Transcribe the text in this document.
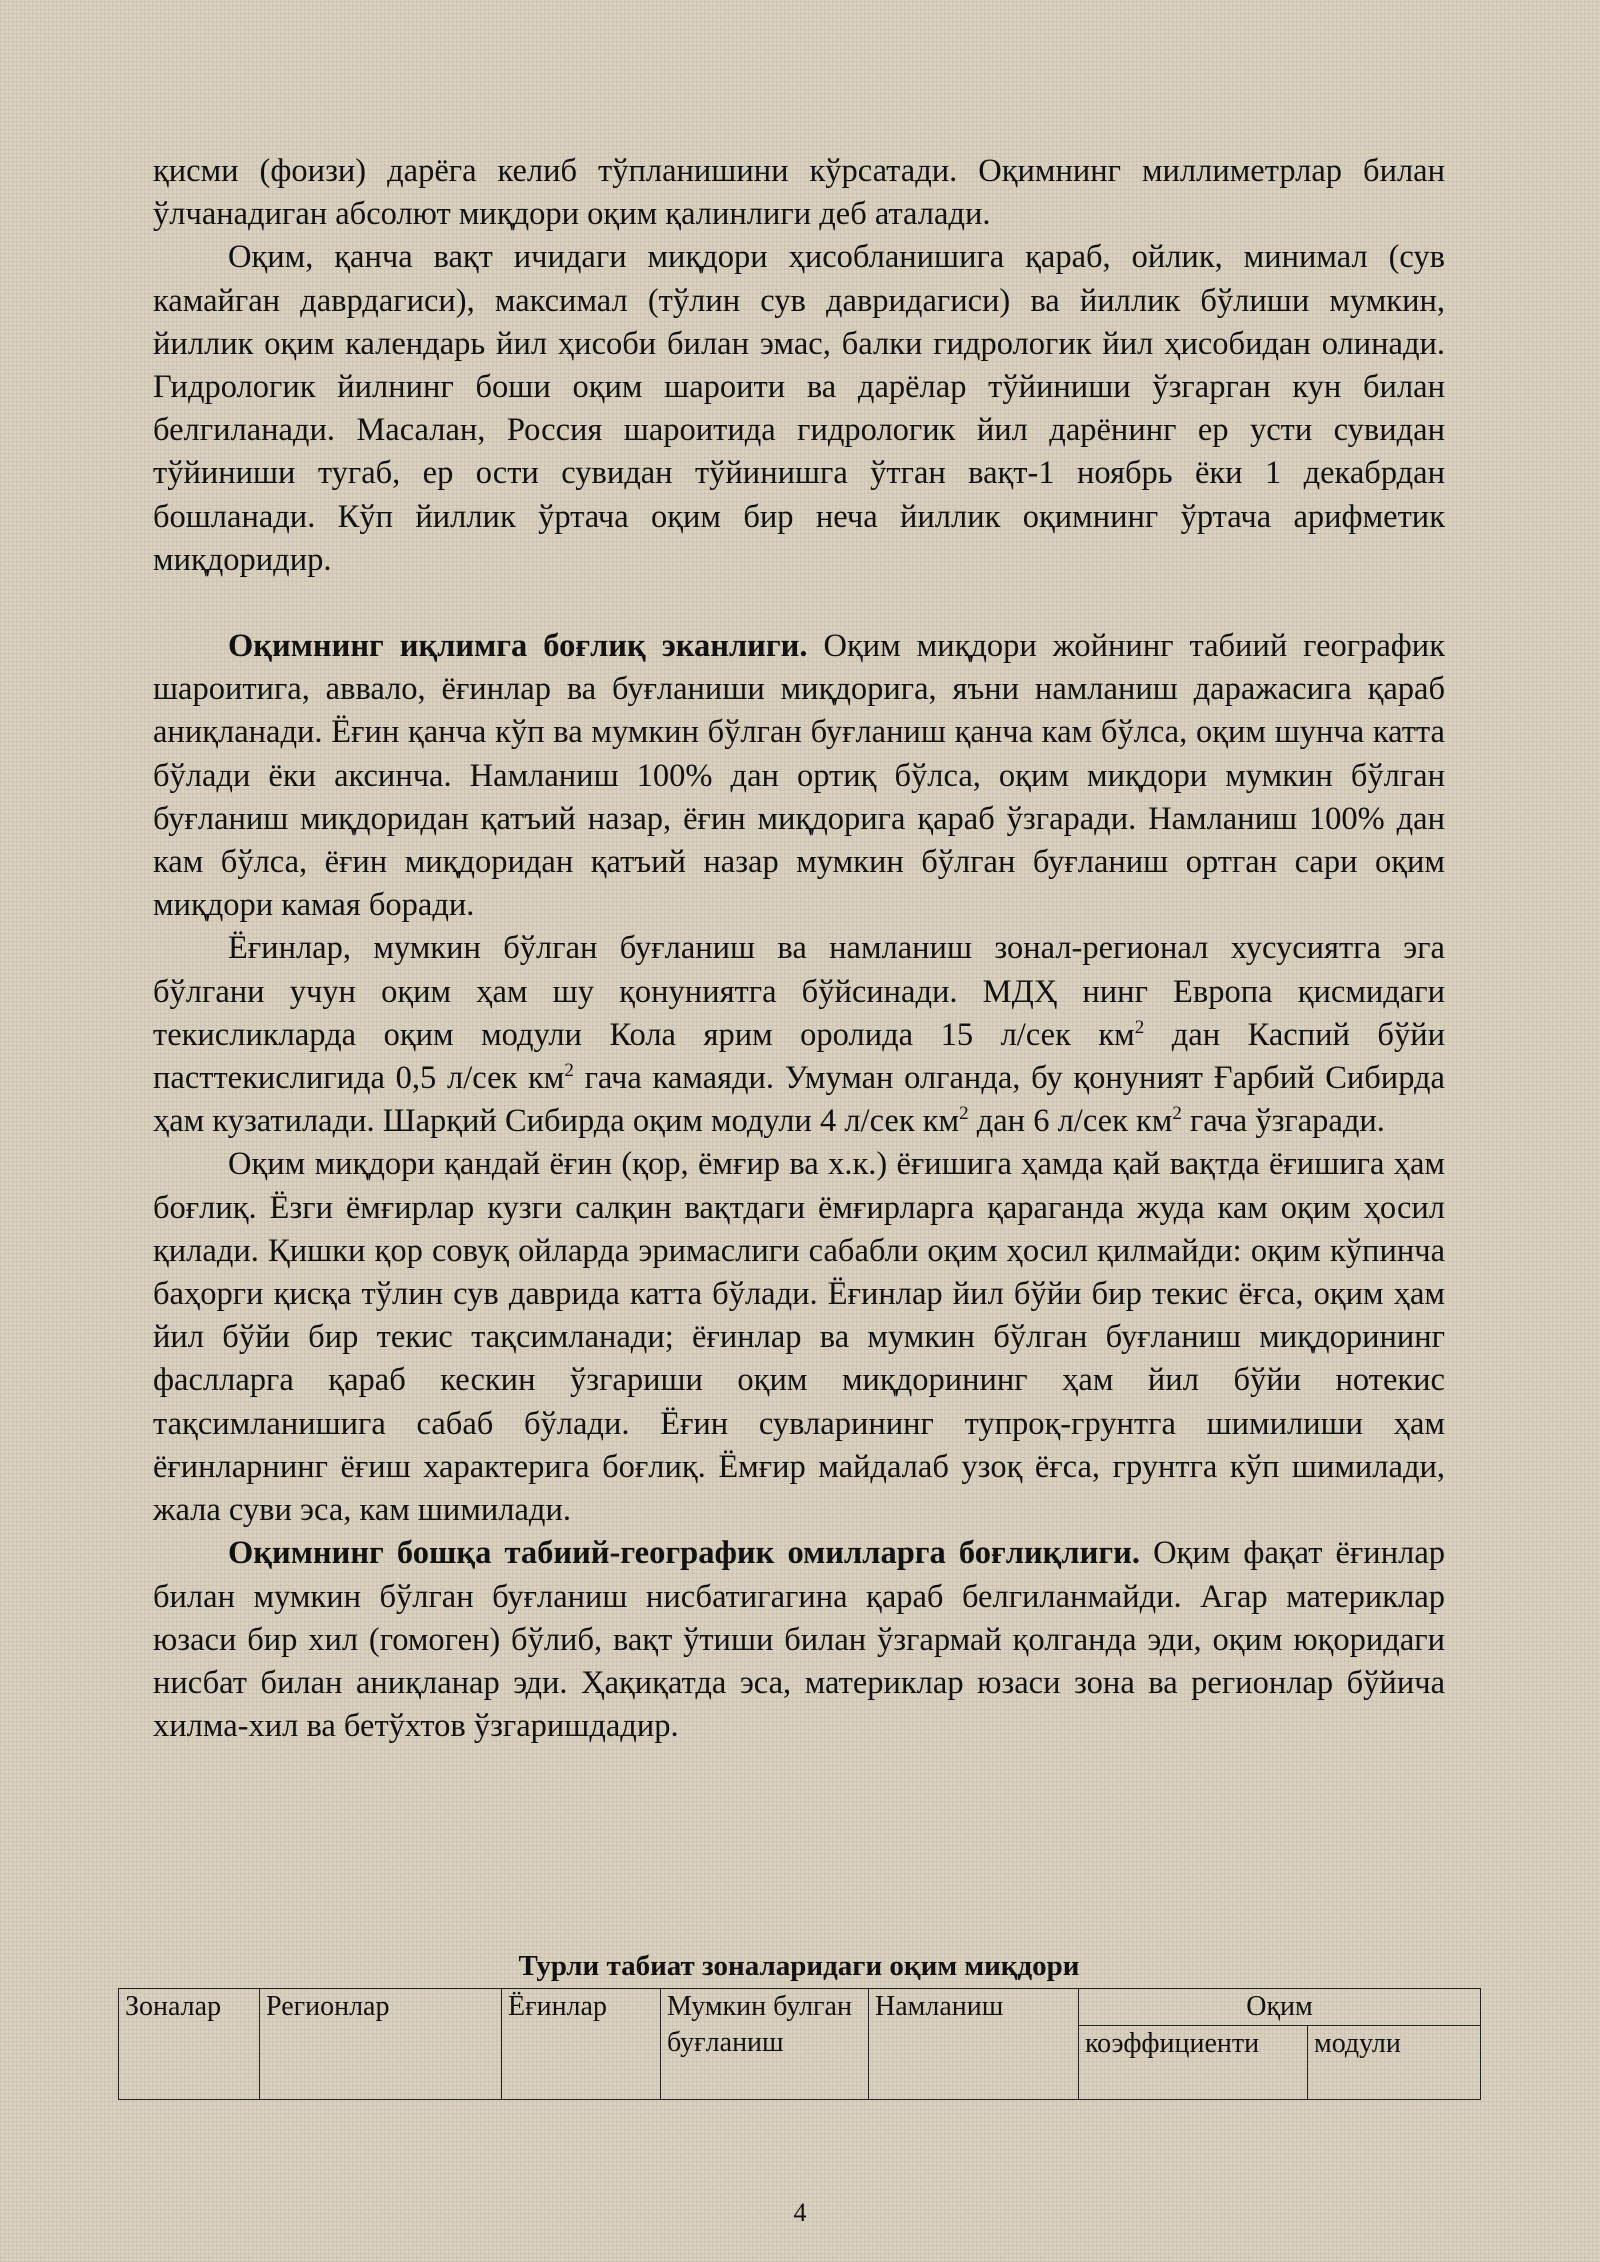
қисми (фоизи) дарёга келиб тўпланишини кўрсатади. Оқимнинг миллиметрлар билан ўлчанадиган абсолют миқдори оқим қалинлиги деб аталади.

Оқим, қанча вақт ичидаги миқдори ҳисобланишига қараб, ойлик, минимал (сув камайган даврдагиси), максимал (тўлин сув давридагиси) ва йиллик бўлиши мумкин, йиллик оқим календарь йил ҳисоби билан эмас, балки гидрологик йил ҳисобидан олинади. Гидрологик йилнинг боши оқим шароити ва дарёлар тўйиниши ўзгарган кун билан белгиланади. Масалан, Россия шароитида гидрологик йил дарёнинг ер усти сувидан тўйиниши тугаб, ер ости сувидан тўйинишга ўтган вақт-1 ноябрь ёки 1 декабрдан бошланади. Кўп йиллик ўртача оқим бир неча йиллик оқимнинг ўртача арифметик миқдоридир.

Оқимнинг иқлимга боғлиқ эканлиги. Оқим миқдори жойнинг табиий географик шароитига, аввало, ёғинлар ва буғланиши миқдорига, яъни намланиш даражасига қараб аниқланади. Ёғин қанча кўп ва мумкин бўлган буғланиш қанча кам бўлса, оқим шунча катта бўлади ёки аксинча. Намланиш 100% дан ортиқ бўлса, оқим миқдори мумкин бўлган буғланиш миқдоридан қатъий назар, ёғин миқдорига қараб ўзгаради. Намланиш 100% дан кам бўлса, ёғин миқдоридан қатъий назар мумкин бўлган буғланиш ортган сари оқим миқдори камая боради.

Ёғинлар, мумкин бўлган буғланиш ва намланиш зонал-регионал хусусиятга эга бўлгани учун оқим ҳам шу қонуниятга бўйсинади. МДҲ нинг Европа қисмидаги текисликларда оқим модули Кола ярим оролида 15 л/сек $км^2$ дан Каспий бўйи пасттекислигида 0,5 л/сек $км^2$ гача камаяди. Умуман олганда, бу қонуният Ғарбий Сибирда ҳам кузатилади. Шарқий Сибирда оқим модули 4 л/сек $км^2$ дан 6 л/сек $км^2$ гача ўзгаради.

Оқим миқдори қандай ёғин (қор, ёмғир ва х.к.) ёғишига ҳамда қай вақтда ёғишига ҳам боғлиқ. Ёзги ёмғирлар кузги салқин вақтдаги ёмғирларга қараганда жуда кам оқим ҳосил қилади. Қишки қор совуқ ойларда эримаслиги сабабли оқим ҳосил қилмайди: оқим кўпинча баҳорги қисқа тўлин сув даврида катта бўлади. Ёғинлар йил бўйи бир текис ёғса, оқим ҳам йил бўйи бир текис тақсимланади; ёғинлар ва мумкин бўлган буғланиш миқдорининг фаслларга қараб кескин ўзгариши оқим миқдорининг ҳам йил бўйи нотекис тақсимланишига сабаб бўлади. Ёғин сувларининг тупроқ-грунтга шимилиши ҳам ёғинларнинг ёғиш характерига боғлиқ. Ёмғир майдалаб узоқ ёғса, грунтга кўп шимилади, жала суви эса, кам шимилади.

Оқимнинг бошқа табиий-географик омилларга боғлиқлиги. Оқим фақат ёғинлар билан мумкин бўлган буғланиш нисбатигагина қараб белгиланмайди. Агар материклар юзаси бир хил (гомоген) бўлиб, вақт ўтиши билан ўзгармай қолганда эди, оқим юқоридаги нисбат билан аниқланар эди. Ҳақиқатда эса, материклар юзаси зона ва регионлар бўйича хилма-хил ва бетўхтов ўзгаришдадир.

Турли табиат зоналаридаги оқим миқдори
Зоналар	Регионлар	Ёғинлар	Мумкин булган буғланиш	Намланиш	Оқим	
					коэффициенти	модули
4
